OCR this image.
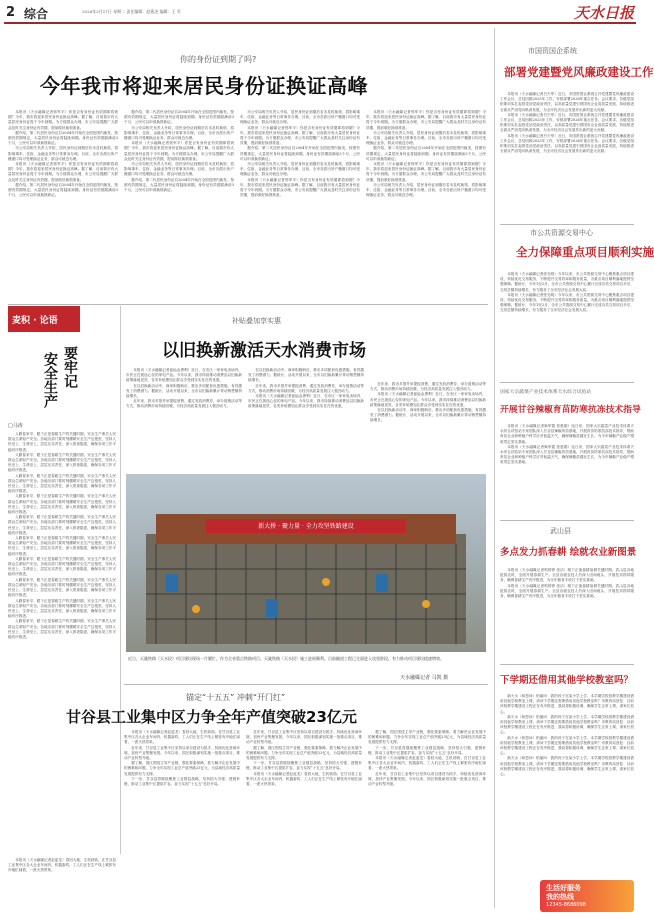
2 综合	2026年3月17日 星期二 责任编辑：赵燕芝 编辑：王 军	天水日报
你的身份证到期了吗?
今年我市将迎来居民身份证换证高峰

本报讯（天水融媒记者郭军平）你是否有身份证有效期即将到期？今年，我市将迎来居民身份证换证高峰。据了解，目前我市有大量居民身份证将于今年到期。为方便群众办理，市公安局提醒广大群众及时关注身份证有效期，提前做好换领准备。

据介绍，第二代居民身份证自2004年开始在全国范围内换发，按照有效期规定，大量居民身份证将陆续到期。身份证有效期届满前3个月，公民可以申请换领新证。

市公安局相关负责人介绍，居民身份证到期后若未及时换领，将影响乘车、住宿、金融业务等日常事务办理。目前，全市各派出所户籍窗口均可受理换证业务，群众可就近办理。

本报讯（天水融媒记者郭军平）你是否有身份证有效期即将到期？今年，我市将迎来居民身份证换证高峰。据了解，目前我市有大量居民身份证将于今年到期。为方便群众办理，市公安局提醒广大群众及时关注身份证有效期，提前做好换领准备。

据介绍，第二代居民身份证自2004年开始在全国范围内换发，按照有效期规定，大量居民身份证将陆续到期。身份证有效期届满前3个月，公民可以申请换领新证。

据介绍，第二代居民身份证自2004年开始在全国范围内换发，按照有效期规定，大量居民身份证将陆续到期。身份证有效期届满前3个月，公民可以申请换领新证。

市公安局相关负责人介绍，居民身份证到期后若未及时换领，将影响乘车、住宿、金融业务等日常事务办理。目前，全市各派出所户籍窗口均可受理换证业务，群众可就近办理。

本报讯（天水融媒记者郭军平）你是否有身份证有效期即将到期？今年，我市将迎来居民身份证换证高峰。据了解，目前我市有大量居民身份证将于今年到期。为方便群众办理，市公安局提醒广大群众及时关注身份证有效期，提前做好换领准备。

市公安局相关负责人介绍，居民身份证到期后若未及时换领，将影响乘车、住宿、金融业务等日常事务办理。目前，全市各派出所户籍窗口均可受理换证业务，群众可就近办理。

据介绍，第二代居民身份证自2004年开始在全国范围内换发，按照有效期规定，大量居民身份证将陆续到期。身份证有效期届满前3个月，公民可以申请换领新证。

市公安局相关负责人介绍，居民身份证到期后若未及时换领，将影响乘车、住宿、金融业务等日常事务办理。目前，全市各派出所户籍窗口均可受理换证业务，群众可就近办理。

本报讯（天水融媒记者郭军平）你是否有身份证有效期即将到期？今年，我市将迎来居民身份证换证高峰。据了解，目前我市有大量居民身份证将于今年到期。为方便群众办理，市公安局提醒广大群众及时关注身份证有效期，提前做好换领准备。

据介绍，第二代居民身份证自2004年开始在全国范围内换发，按照有效期规定，大量居民身份证将陆续到期。身份证有效期届满前3个月，公民可以申请换领新证。

市公安局相关负责人介绍，居民身份证到期后若未及时换领，将影响乘车、住宿、金融业务等日常事务办理。目前，全市各派出所户籍窗口均可受理换证业务，群众可就近办理。

本报讯（天水融媒记者郭军平）你是否有身份证有效期即将到期？今年，我市将迎来居民身份证换证高峰。据了解，目前我市有大量居民身份证将于今年到期。为方便群众办理，市公安局提醒广大群众及时关注身份证有效期，提前做好换领准备。

本报讯（天水融媒记者郭军平）你是否有身份证有效期即将到期？今年，我市将迎来居民身份证换证高峰。据了解，目前我市有大量居民身份证将于今年到期。为方便群众办理，市公安局提醒广大群众及时关注身份证有效期，提前做好换领准备。

市公安局相关负责人介绍，居民身份证到期后若未及时换领，将影响乘车、住宿、金融业务等日常事务办理。目前，全市各派出所户籍窗口均可受理换证业务，群众可就近办理。

据介绍，第二代居民身份证自2004年开始在全国范围内换发，按照有效期规定，大量居民身份证将陆续到期。身份证有效期届满前3个月，公民可以申请换领新证。

本报讯（天水融媒记者郭军平）你是否有身份证有效期即将到期？今年，我市将迎来居民身份证换证高峰。据了解，目前我市有大量居民身份证将于今年到期。为方便群众办理，市公安局提醒广大群众及时关注身份证有效期，提前做好换领准备。

市公安局相关负责人介绍，居民身份证到期后若未及时换领，将影响乘车、住宿、金融业务等日常事务办理。目前，全市各派出所户籍窗口均可受理换证业务，群众可就近办理。

麦积 · 论语
安全生产 要牢记
□马涛

人勤春来早，眼下正是春耕生产的关键时期，安全生产事关人民群众生命财产安全。各地各部门要时刻绷紧安全生产这根弦，坚持人民至上、生命至上，层层压实责任，深入排查隐患，确保各项工作平稳有序推进。

人勤春来早，眼下正是春耕生产的关键时期，安全生产事关人民群众生命财产安全。各地各部门要时刻绷紧安全生产这根弦，坚持人民至上、生命至上，层层压实责任，深入排查隐患，确保各项工作平稳有序推进。

人勤春来早，眼下正是春耕生产的关键时期，安全生产事关人民群众生命财产安全。各地各部门要时刻绷紧安全生产这根弦，坚持人民至上、生命至上，层层压实责任，深入排查隐患，确保各项工作平稳有序推进。

人勤春来早，眼下正是春耕生产的关键时期，安全生产事关人民群众生命财产安全。各地各部门要时刻绷紧安全生产这根弦，坚持人民至上、生命至上，层层压实责任，深入排查隐患，确保各项工作平稳有序推进。

人勤春来早，眼下正是春耕生产的关键时期，安全生产事关人民群众生命财产安全。各地各部门要时刻绷紧安全生产这根弦，坚持人民至上、生命至上，层层压实责任，深入排查隐患，确保各项工作平稳有序推进。

人勤春来早，眼下正是春耕生产的关键时期，安全生产事关人民群众生命财产安全。各地各部门要时刻绷紧安全生产这根弦，坚持人民至上、生命至上，层层压实责任，深入排查隐患，确保各项工作平稳有序推进。

人勤春来早，眼下正是春耕生产的关键时期，安全生产事关人民群众生命财产安全。各地各部门要时刻绷紧安全生产这根弦，坚持人民至上、生命至上，层层压实责任，深入排查隐患，确保各项工作平稳有序推进。

人勤春来早，眼下正是春耕生产的关键时期，安全生产事关人民群众生命财产安全。各地各部门要时刻绷紧安全生产这根弦，坚持人民至上、生命至上，层层压实责任，深入排查隐患，确保各项工作平稳有序推进。

人勤春来早，眼下正是春耕生产的关键时期，安全生产事关人民群众生命财产安全。各地各部门要时刻绷紧安全生产这根弦，坚持人民至上、生命至上，层层压实责任，深入排查隐患，确保各项工作平稳有序推进。

人勤春来早，眼下正是春耕生产的关键时期，安全生产事关人民群众生命财产安全。各地各部门要时刻绷紧安全生产这根弦，坚持人民至上、生命至上，层层压实责任，深入排查隐患，确保各项工作平稳有序推进。

补贴叠加享实惠
以旧换新激活天水消费市场

本报讯（天水融媒记者崔灿金勇利）近日，在市区一家家电卖场内，市民正在挑选心仪的家电产品。今年以来，我市持续推动消费品以旧换新政策落地见效，各类补贴叠加让群众享受到实实在在的优惠。

在以旧换新活动中，商家积极响应，推出多项配套优惠措施，有效激发了消费潜力。据统计，活动开展以来，全市以旧换新累计带动销售额持续增长。

近年来，我市多措并举提振消费，通过发放消费券、举办促销活动等方式，推动消费市场持续回暖，为经济高质量发展注入强劲动力。

在以旧换新活动中，商家积极响应，推出多项配套优惠措施，有效激发了消费潜力。据统计，活动开展以来，全市以旧换新累计带动销售额持续增长。

近年来，我市多措并举提振消费，通过发放消费券、举办促销活动等方式，推动消费市场持续回暖，为经济高质量发展注入强劲动力。

本报讯（天水融媒记者崔灿金勇利）近日，在市区一家家电卖场内，市民正在挑选心仪的家电产品。今年以来，我市持续推动消费品以旧换新政策落地见效，各类补贴叠加让群众享受到实实在在的优惠。

近年来，我市多措并举提振消费，通过发放消费券、举办促销活动等方式，推动消费市场持续回暖，为经济高质量发展注入强劲动力。

本报讯（天水融媒记者崔灿金勇利）近日，在市区一家家电卖场内，市民正在挑选心仪的家电产品。今年以来，我市持续推动消费品以旧换新政策落地见效，各类补贴叠加让群众享受到实实在在的优惠。

在以旧换新活动中，商家积极响应，推出多项配套优惠措施，有效激发了消费潜力。据统计，活动开展以来，全市以旧换新累计带动销售额持续增长。

新大桥 · 聚力量 · 全力攻坚铁路建设
近日，天陇铁路（天水段）项目建设现场一片繁忙，作为全省重点铁路项目，天陇铁路（天水段）施工进展顺利。目前隧道工程已全面进入攻坚阶段，有力推动项目建设提速增效。
天水融媒记者 马凯 摄
锚定“十五五” 冲刺“开门红”
甘谷县工业集中区力争全年产值突破23亿元

本报讯（天水融媒记者赵蓝龙）春回大地，生机勃勃。在甘谷县工业集中区各大企业车间内，机器轰鸣，工人们正在生产线上紧张有序地忙碌着，一派火热景象。

近年来，甘谷县工业集中区坚持以项目建设为抓手，持续优化营商环境，加快产业集聚发展。今年以来，园区积极谋划实施一批重点项目，推动产业转型升级。

据了解，园区围绕主导产业链，强化要素保障，着力解决企业发展中的困难和问题，力争全年实现工业总产值突破23亿元，为县域经济高质量发展提供有力支撑。

下一步，甘谷县将继续聚焦工业强县战略，坚持招大引强、建链补链，推动工业集中区提质扩容，奋力实现“十五五”良好开局。

近年来，甘谷县工业集中区坚持以项目建设为抓手，持续优化营商环境，加快产业集聚发展。今年以来，园区积极谋划实施一批重点项目，推动产业转型升级。

据了解，园区围绕主导产业链，强化要素保障，着力解决企业发展中的困难和问题，力争全年实现工业总产值突破23亿元，为县域经济高质量发展提供有力支撑。

下一步，甘谷县将继续聚焦工业强县战略，坚持招大引强、建链补链，推动工业集中区提质扩容，奋力实现“十五五”良好开局。

本报讯（天水融媒记者赵蓝龙）春回大地，生机勃勃。在甘谷县工业集中区各大企业车间内，机器轰鸣，工人们正在生产线上紧张有序地忙碌着，一派火热景象。

据了解，园区围绕主导产业链，强化要素保障，着力解决企业发展中的困难和问题，力争全年实现工业总产值突破23亿元，为县域经济高质量发展提供有力支撑。

下一步，甘谷县将继续聚焦工业强县战略，坚持招大引强、建链补链，推动工业集中区提质扩容，奋力实现“十五五”良好开局。

本报讯（天水融媒记者赵蓝龙）春回大地，生机勃勃。在甘谷县工业集中区各大企业车间内，机器轰鸣，工人们正在生产线上紧张有序地忙碌着，一派火热景象。

近年来，甘谷县工业集中区坚持以项目建设为抓手，持续优化营商环境，加快产业集聚发展。今年以来，园区积极谋划实施一批重点项目，推动产业转型升级。

本报讯（天水融媒记者赵蓝龙）春回大地，生机勃勃。在甘谷县工业集中区各大企业车间内，机器轰鸣，工人们正在生产线上紧张有序地忙碌着，一派火热景象。

市国资国企系统
部署党建暨党风廉政建设工作

本报讯（天水融媒记者吕天军）近日，市国资国企系统召开党建暨党风廉政建设工作会议，总结回顾2025年工作，安排部署2026年重点任务。会议要求，各级党组织要切实扛起管党治党政治责任，以高质量党建引领国有企业高质量发展，持续推进全面从严治党向纵深发展，为全市经济社会发展作出新的更大贡献。

本报讯（天水融媒记者吕天军）近日，市国资国企系统召开党建暨党风廉政建设工作会议，总结回顾2025年工作，安排部署2026年重点任务。会议要求，各级党组织要切实扛起管党治党政治责任，以高质量党建引领国有企业高质量发展，持续推进全面从严治党向纵深发展，为全市经济社会发展作出新的更大贡献。

本报讯（天水融媒记者吕天军）近日，市国资国企系统召开党建暨党风廉政建设工作会议，总结回顾2025年工作，安排部署2026年重点任务。会议要求，各级党组织要切实扛起管党治党政治责任，以高质量党建引领国有企业高质量发展，持续推进全面从严治党向纵深发展，为全市经济社会发展作出新的更大贡献。

市公共资源交易中心
全力保障重点项目顺利实施

本报讯（天水融媒记者张光明）今年以来，市公共资源交易中心聚焦重点项目建设，持续优化交易服务，不断提升交易效率和服务质量，为重点项目顺利落地提供坚强保障。据统计，今年1至2月，全市公共资源交易中心累计完成各类交易项目多宗，交易总额持续增长，有力服务了全市经济社会发展大局。

本报讯（天水融媒记者张光明）今年以来，市公共资源交易中心聚焦重点项目建设，持续优化交易服务，不断提升交易效率和服务质量，为重点项目顺利落地提供坚强保障。据统计，今年1至2月，全市公共资源交易中心累计完成各类交易项目多宗，交易总额持续增长，有力服务了全市经济社会发展大局。

国家大宗蔬菜产业技术体系天水综合试验站
开展甘谷辣椒育苗防寒抗冻技术指导

本报讯（天水融媒记者柴军霞 张惠娟）连日来，国家大宗蔬菜产业技术体系天水综合试验站专家团队深入甘谷县辣椒育苗基地，开展育苗防寒抗冻技术指导，帮助育苗企业和种植户科学应对低温天气，确保辣椒苗健壮生长，为今年辣椒产业稳产增收奠定坚实基础。

本报讯（天水融媒记者柴军霞 张惠娟）连日来，国家大宗蔬菜产业技术体系天水综合试验站专家团队深入甘谷县辣椒育苗基地，开展育苗防寒抗冻技术指导，帮助育苗企业和种植户科学应对低温天气，确保辣椒苗健壮生长，为今年辣椒产业稳产增收奠定坚实基础。

武山县
多点发力抓春耕 绘就农业新图景

本报讯（天水融媒记者郭婷婷 张洁）眼下正值春耕备耕关键时期，武山县各地抢抓农时，全面开展春耕生产。全县各级农技人员深入田间地头，开展技术指导服务，确保春耕生产有序推进，为全年粮食丰收打下坚实基础。

本报讯（天水融媒记者郭婷婷 张洁）眼下正值春耕备耕关键时期，武山县各地抢抓农时，全面开展春耕生产。全县各级农技人员深入田间地头，开展技术指导服务，确保春耕生产有序推进，为全年粮食丰收打下坚实基础。

下学期还借用其他学校教室吗？

新天水（和您问）柏丽问：我的孩子在某小学上学，本学期学校因教学楼建设借用其他学校教室上课，请问下学期还需要借用其他学校教室吗？市教育局回复：目前该校教学楼建设工程正在有序推进，我局将积极协调，确保学生正常上课，请家长放心。

新天水（和您问）柏丽问：我的孩子在某小学上学，本学期学校因教学楼建设借用其他学校教室上课，请问下学期还需要借用其他学校教室吗？市教育局回复：目前该校教学楼建设工程正在有序推进，我局将积极协调，确保学生正常上课，请家长放心。

新天水（和您问）柏丽问：我的孩子在某小学上学，本学期学校因教学楼建设借用其他学校教室上课，请问下学期还需要借用其他学校教室吗？市教育局回复：目前该校教学楼建设工程正在有序推进，我局将积极协调，确保学生正常上课，请家长放心。

新天水（和您问）柏丽问：我的孩子在某小学上学，本学期学校因教学楼建设借用其他学校教室上课，请问下学期还需要借用其他学校教室吗？市教育局回复：目前该校教学楼建设工程正在有序推进，我局将积极协调，确保学生正常上课，请家长放心。

生活好服务
我的热线
12345-8686098
